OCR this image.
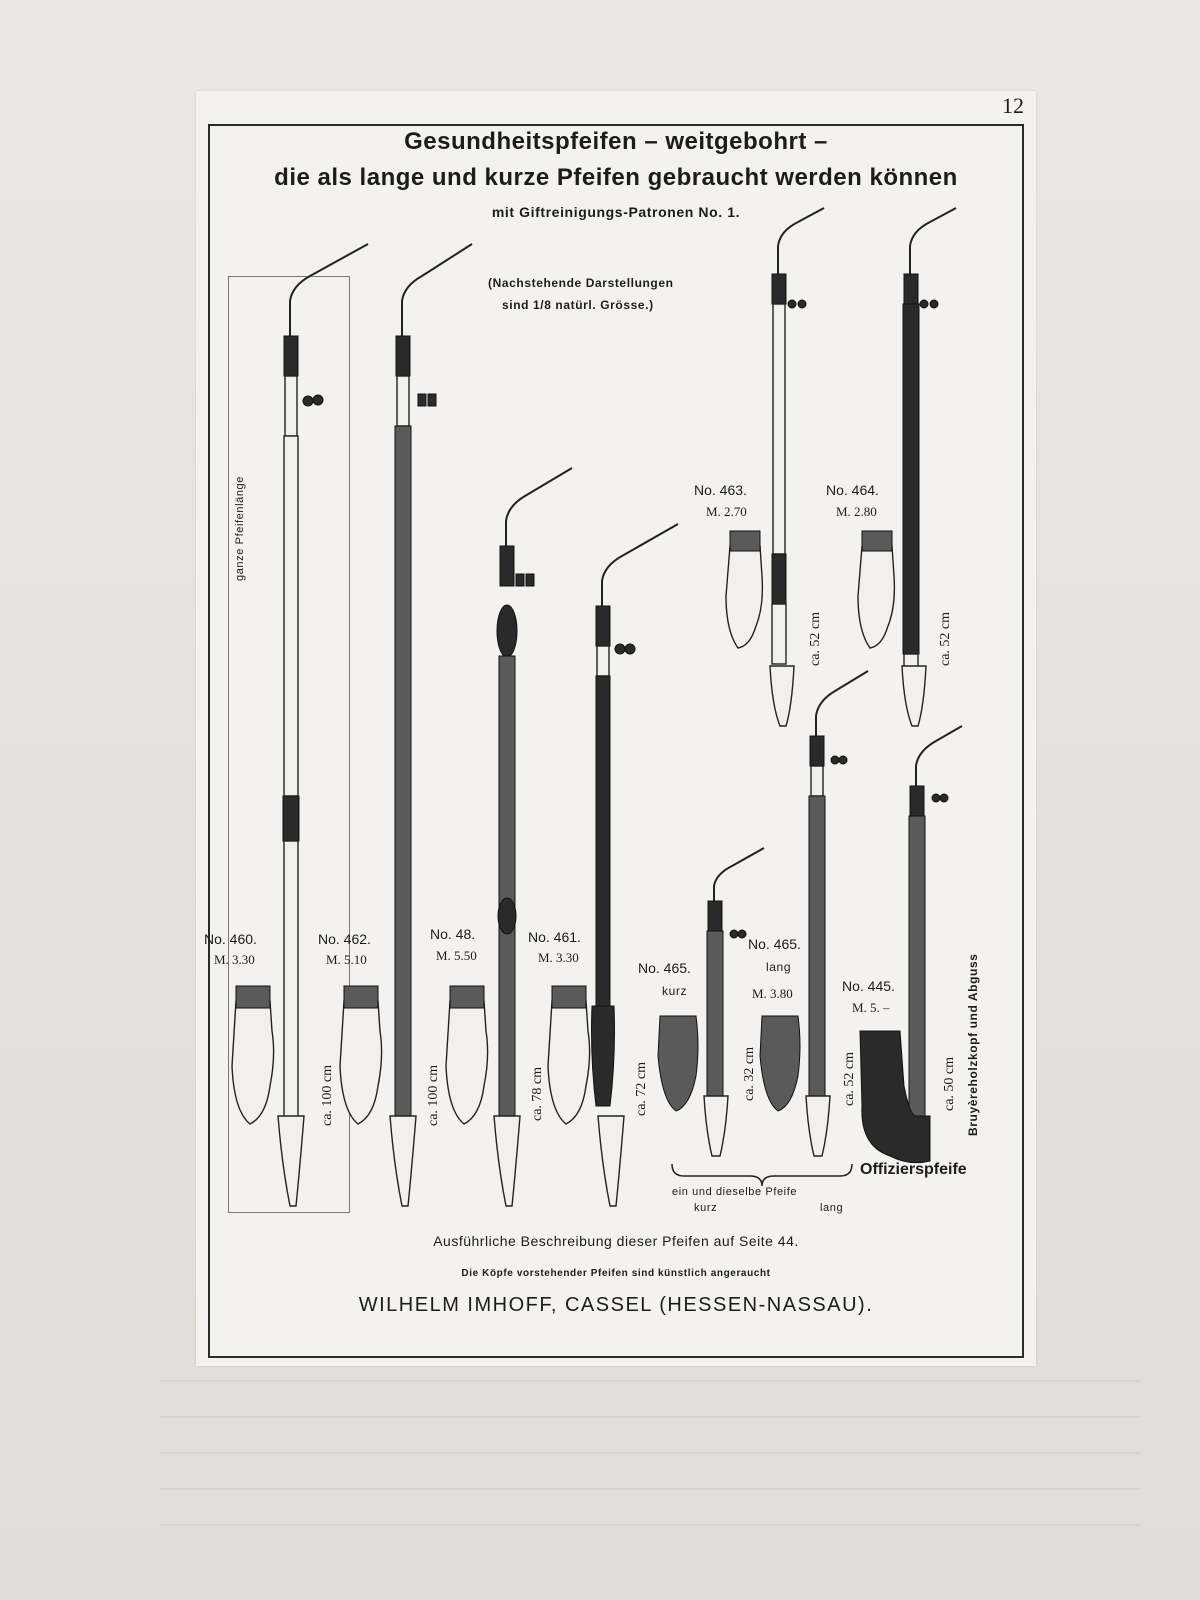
12
Gesundheitspfeifen – weitgebohrt –
die als lange und kurze Pfeifen gebraucht werden können
mit Giftreinigungs-Patronen No. 1.
(Nachstehende Darstellungen
sind 1/8 natürl. Grösse.)
ganze Pfeifenlänge
No. 460.
M. 3.30
ca. 100 cm
No. 462.
M. 5.10
ca. 100 cm
No. 48.
M. 5.50
ca. 78 cm
No. 461.
M. 3.30
ca. 72 cm
No. 463.
M. 2.70
ca. 52 cm
No. 464.
M. 2.80
ca. 52 cm
No. 465.
kurz
ca. 32 cm
No. 465.
lang
M. 3.80
ca. 52 cm
No. 445.
M. 5. –
ca. 50 cm Bruyèreholzkopf und Abguss
Offizierspfeife
ein und dieselbe Pfeife
kurz	lang
Ausführliche Beschreibung dieser Pfeifen auf Seite 44.
Die Köpfe vorstehender Pfeifen sind künstlich angeraucht
WILHELM IMHOFF, CASSEL (HESSEN-NASSAU).
